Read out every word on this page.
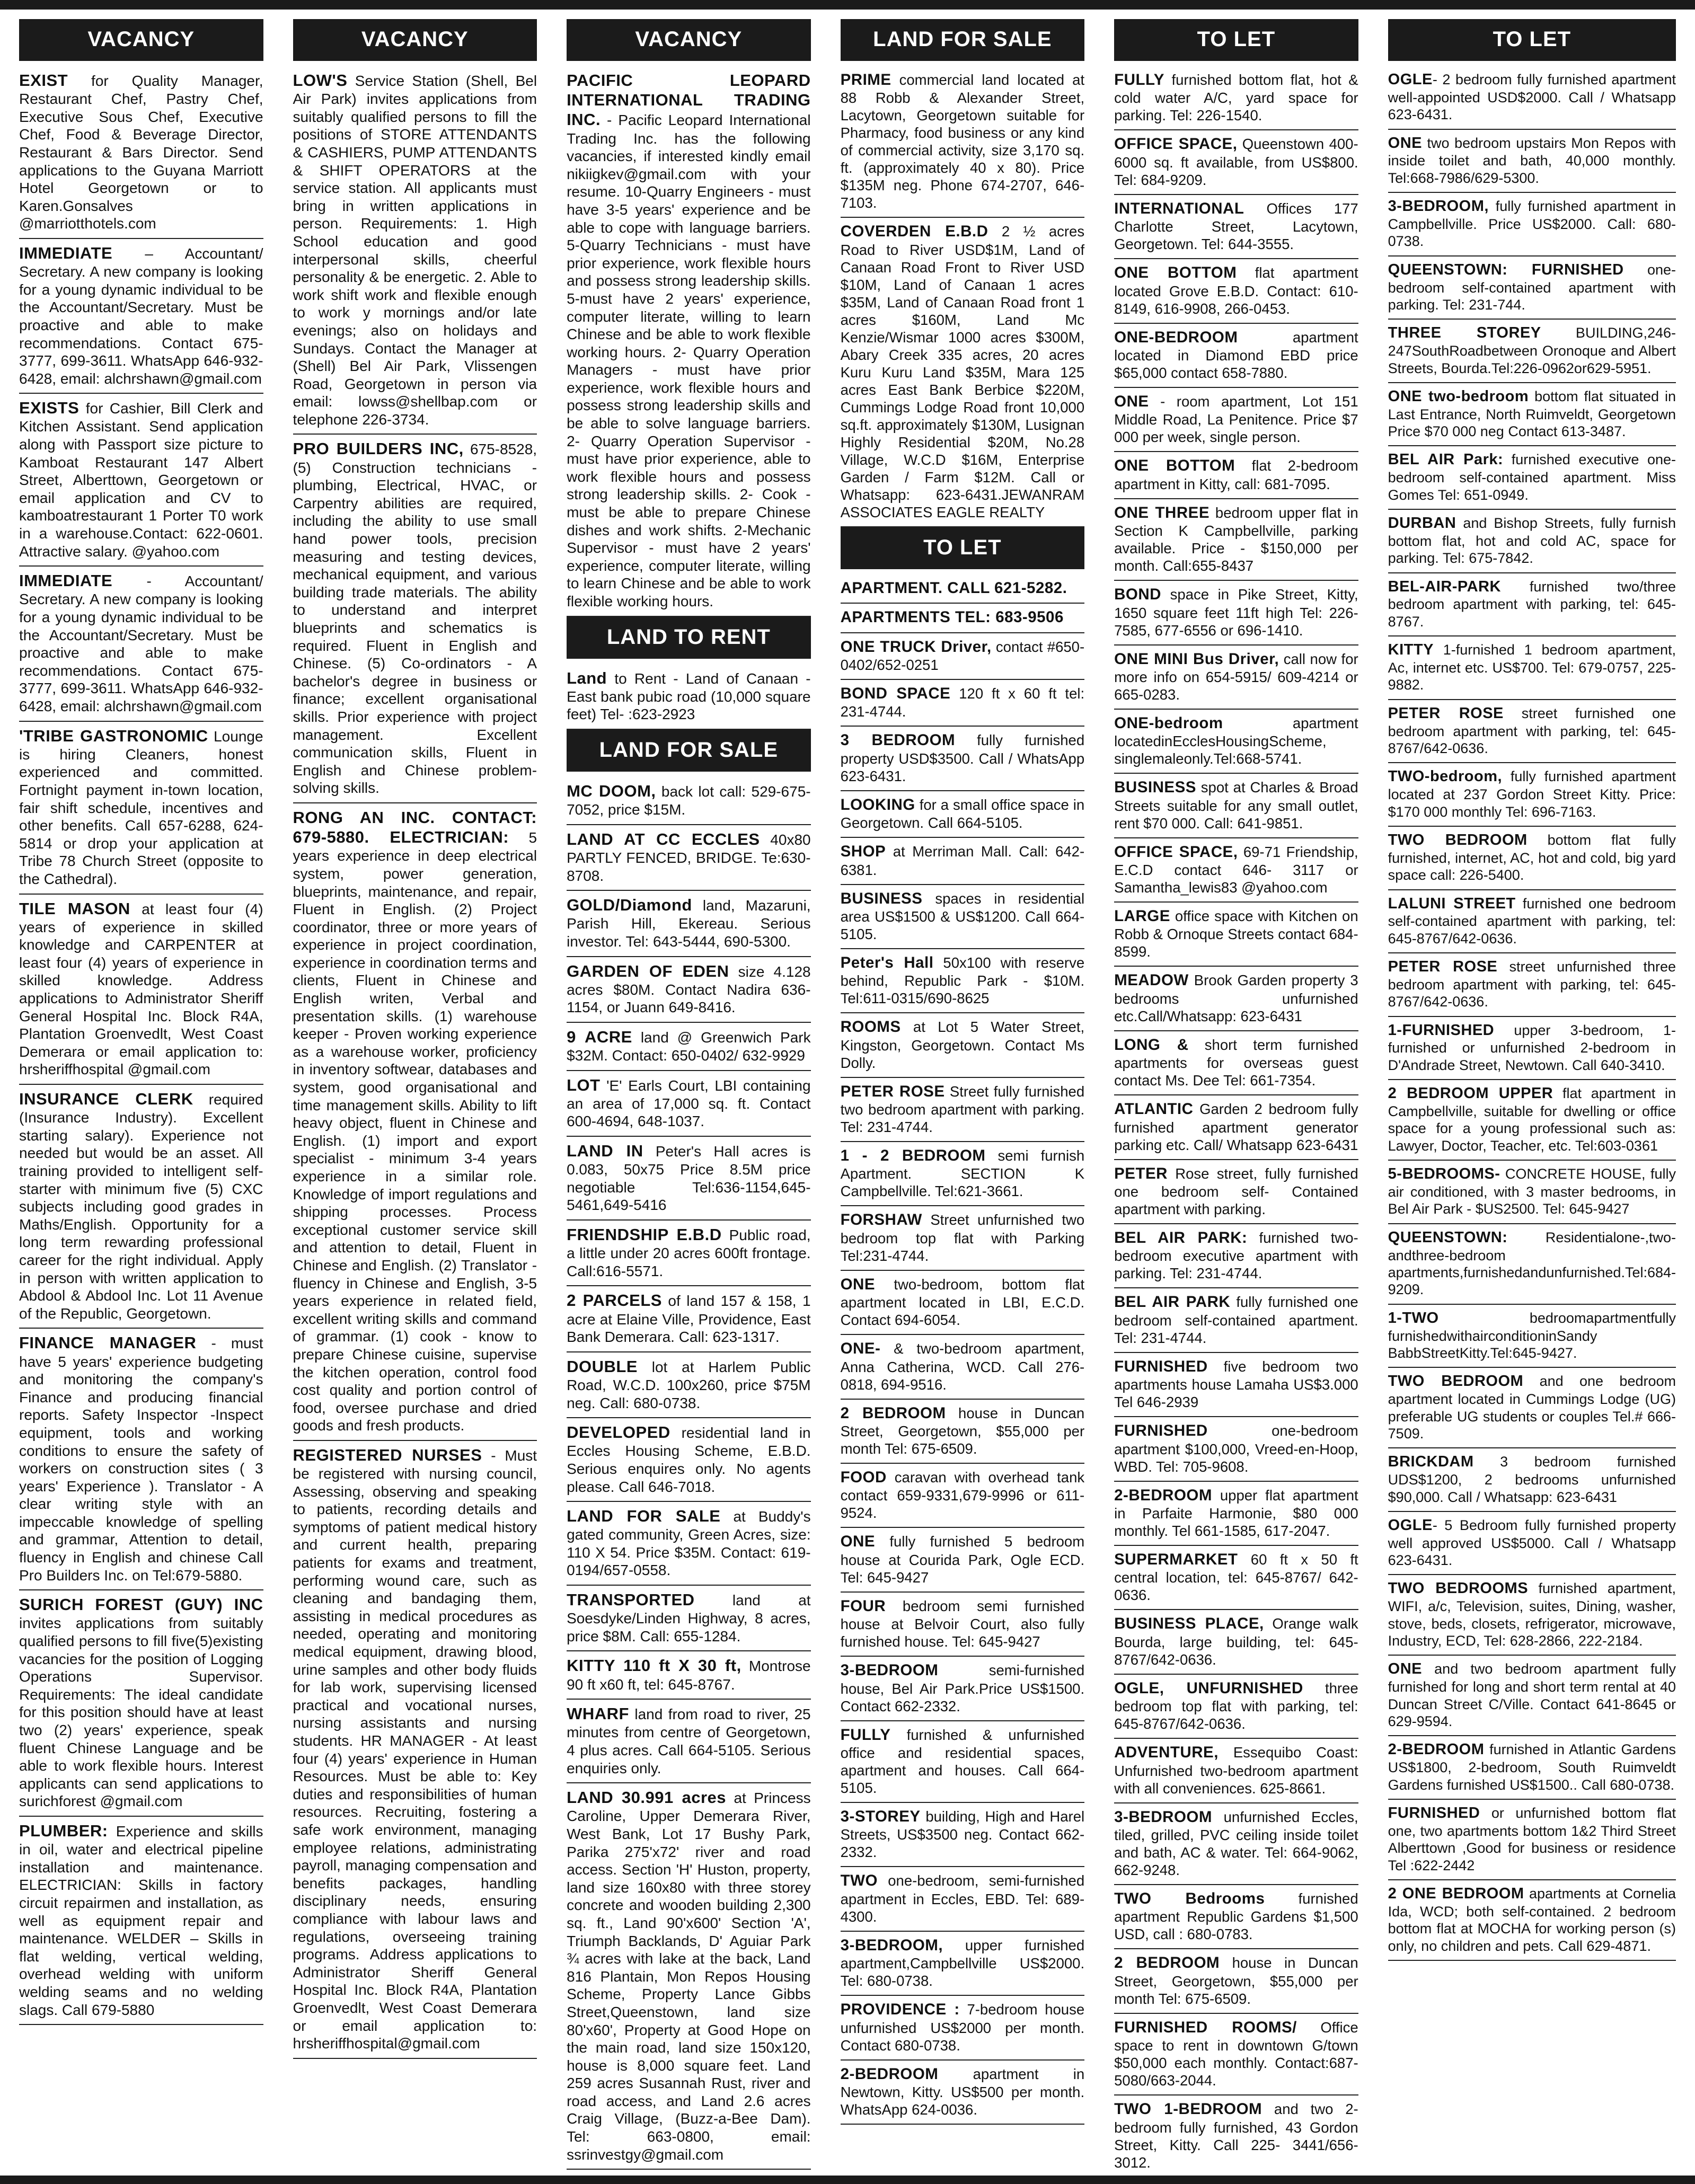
VACANCY
EXIST for Quality Manager, Restaurant Chef, Pastry Chef, Executive Sous Chef, Executive Chef, Food & Beverage Director, Restaurant & Bars Director. Send applications to the Guyana Marriott Hotel Georgetown or to Karen.Gonsalves @marriotthotels.com
IMMEDIATE – Accountant/ Secretary. A new company is looking for a young dynamic individual to be the Accountant/Secretary. Must be proactive and able to make recommendations. Contact 675-3777, 699-3611. WhatsApp 646-932-6428, email: alchrshawn@gmail.com
EXISTS for Cashier, Bill Clerk and Kitchen Assistant. Send application along with Passport size picture to Kamboat Restaurant 147 Albert Street, Alberttown, Georgetown or email application and CV to kamboatrestaurant 1 Porter T0 work in a warehouse.Contact: 622-0601. Attractive salary. @yahoo.com
IMMEDIATE - Accountant/ Secretary. A new company is looking for a young dynamic individual to be the Accountant/Secretary. Must be proactive and able to make recommendations. Contact 675-3777, 699-3611. WhatsApp 646-932-6428, email: alchrshawn@gmail.com
'TRIBE GASTRONOMIC Lounge is hiring Cleaners, honest experienced and committed. Fortnight payment in-town location, fair shift schedule, incentives and other benefits. Call 657-6288, 624-5814 or drop your application at Tribe 78 Church Street (opposite to the Cathedral).
TILE MASON at least four (4) years of experience in skilled knowledge and CARPENTER at least four (4) years of experience in skilled knowledge. Address applications to Administrator Sheriff General Hospital Inc. Block R4A, Plantation Groenvedlt, West Coast Demerara or email application to: hrsheriffhospital @gmail.com
INSURANCE CLERK required (Insurance Industry). Excellent starting salary). Experience not needed but would be an asset. All training provided to intelligent self-starter with minimum five (5) CXC subjects including good grades in Maths/English. Opportunity for a long term rewarding professional career for the right individual. Apply in person with written application to Abdool & Abdool Inc. Lot 11 Avenue of the Republic, Georgetown.
FINANCE MANAGER - must have 5 years' experience budgeting and monitoring the company's Finance and producing financial reports. Safety Inspector -Inspect equipment, tools and working conditions to ensure the safety of workers on construction sites ( 3 years' Experience ). Translator - A clear writing style with an impeccable knowledge of spelling and grammar, Attention to detail, fluency in English and chinese Call Pro Builders Inc. on Tel:679-5880.
SURICH FOREST (GUY) INC invites applications from suitably qualified persons to fill five(5)existing vacancies for the position of Logging Operations Supervisor. Requirements: The ideal candidate for this position should have at least two (2) years' experience, speak fluent Chinese Language and be able to work flexible hours. Interest applicants can send applications to surichforest @gmail.com
PLUMBER: Experience and skills in oil, water and electrical pipeline installation and maintenance. ELECTRICIAN: Skills in factory circuit repairmen and installation, as well as equipment repair and maintenance. WELDER – Skills in flat welding, vertical welding, overhead welding with uniform welding seams and no welding slags. Call 679-5880
VACANCY
LOW'S Service Station (Shell, Bel Air Park) invites applications from suitably qualified persons to fill the positions of STORE ATTENDANTS & CASHIERS, PUMP ATTENDANTS & SHIFT OPERATORS at the service station. All applicants must bring in written applications in person. Requirements: 1. High School education and good interpersonal skills, cheerful personality & be energetic. 2. Able to work shift work and flexible enough to work y mornings and/or late evenings; also on holidays and Sundays. Contact the Manager at (Shell) Bel Air Park, Vlissengen Road, Georgetown in person via email: lowss@shellbap.com or telephone 226-3734.
PRO BUILDERS INC, 675-8528, (5) Construction technicians - plumbing, Electrical, HVAC, or Carpentry abilities are required, including the ability to use small hand power tools, precision measuring and testing devices, mechanical equipment, and various building trade materials. The ability to understand and interpret blueprints and schematics is required. Fluent in English and Chinese. (5) Co-ordinators - A bachelor's degree in business or finance; excellent organisational skills. Prior experience with project management. Excellent communication skills, Fluent in English and Chinese problem-solving skills.
RONG AN INC. CONTACT: 679-5880. ELECTRICIAN: 5 years experience in deep electrical system, power generation, blueprints, maintenance, and repair, Fluent in English. (2) Project coordinator, three or more years of experience in project coordination, experience in coordination terms and clients, Fluent in Chinese and English writen, Verbal and presentation skills. (1) warehouse keeper - Proven working experience as a warehouse worker, proficiency in inventory softwear, databases and system, good organisational and time management skills. Ability to lift heavy object, fluent in Chinese and English. (1) import and export specialist - minimum 3-4 years experience in a similar role. Knowledge of import regulations and shipping processes. Process exceptional customer service skill and attention to detail, Fluent in Chinese and English. (2) Translator - fluency in Chinese and English, 3-5 years experience in related field, excellent writing skills and command of grammar. (1) cook - know to prepare Chinese cuisine, supervise the kitchen operation, control food cost quality and portion control of food, oversee purchase and dried goods and fresh products.
REGISTERED NURSES - Must be registered with nursing council, Assessing, observing and speaking to patients, recording details and symptoms of patient medical history and current health, preparing patients for exams and treatment, performing wound care, such as cleaning and bandaging them, assisting in medical procedures as needed, operating and monitoring medical equipment, drawing blood, urine samples and other body fluids for lab work, supervising licensed practical and vocational nurses, nursing assistants and nursing students. HR MANAGER - At least four (4) years' experience in Human Resources. Must be able to: Key duties and responsibilities of human resources. Recruiting, fostering a safe work environment, managing employee relations, administrating payroll, managing compensation and benefits packages, handling disciplinary needs, ensuring compliance with labour laws and regulations, overseeing training programs. Address applications to Administrator Sheriff General Hospital Inc. Block R4A, Plantation Groenvedlt, West Coast Demerara or email application to: hrsheriffhospital@gmail.com
VACANCY
PACIFIC LEOPARD INTERNATIONAL TRADING INC. - Pacific Leopard International Trading Inc. has the following vacancies, if interested kindly email nikiigkev@gmail.com with your resume. 10-Quarry Engineers - must have 3-5 years' experience and be able to cope with language barriers. 5-Quarry Technicians - must have prior experience, work flexible hours and possess strong leadership skills. 5-must have 2 years' experience, computer literate, willing to learn Chinese and be able to work flexible working hours. 2- Quarry Operation Managers - must have prior experience, work flexible hours and possess strong leadership skills and be able to solve language barriers. 2- Quarry Operation Supervisor - must have prior experience, able to work flexible hours and possess strong leadership skills. 2- Cook - must be able to prepare Chinese dishes and work shifts. 2-Mechanic Supervisor - must have 2 years' experience, computer literate, willing to learn Chinese and be able to work flexible working hours.
LAND TO RENT
Land to Rent - Land of Canaan - East bank pubic road (10,000 square feet) Tel- :623-2923
LAND FOR SALE
MC DOOM, back lot call: 529-675-7052, price $15M.
LAND AT CC ECCLES 40x80 PARTLY FENCED, BRIDGE. Te:630-8708.
GOLD/Diamond land, Mazaruni, Parish Hill, Ekereau. Serious investor. Tel: 643-5444, 690-5300.
GARDEN OF EDEN size 4.128 acres $80M. Contact Nadira 636-1154, or Juann 649-8416.
9 ACRE land @ Greenwich Park $32M. Contact: 650-0402/ 632-9929
LOT 'E' Earls Court, LBI containing an area of 17,000 sq. ft. Contact 600-4694, 648-1037.
LAND IN Peter's Hall acres is 0.083, 50x75 Price 8.5M price negotiable Tel:636-1154,645-5461,649-5416
FRIENDSHIP E.B.D Public road, a little under 20 acres 600ft frontage. Call:616-5571.
2 PARCELS of land 157 & 158, 1 acre at Elaine Ville, Providence, East Bank Demerara. Call: 623-1317.
DOUBLE lot at Harlem Public Road, W.C.D. 100x260, price $75M neg. Call: 680-0738.
DEVELOPED residential land in Eccles Housing Scheme, E.B.D. Serious enquires only. No agents please. Call 646-7018.
LAND FOR SALE at Buddy's gated community, Green Acres, size: 110 X 54. Price $35M. Contact: 619-0194/657-0558.
TRANSPORTED land at Soesdyke/Linden Highway, 8 acres, price $8M. Call: 655-1284.
KITTY 110 ft X 30 ft, Montrose 90 ft x60 ft, tel: 645-8767.
WHARF land from road to river, 25 minutes from centre of Georgetown, 4 plus acres. Call 664-5105. Serious enquiries only.
LAND 30.991 acres at Princess Caroline, Upper Demerara River, West Bank, Lot 17 Bushy Park, Parika 275'x72' river and road access. Section 'H' Huston, property, land size 160x80 with three storey concrete and wooden building 2,300 sq. ft., Land 90'x600' Section 'A', Triumph Backlands, D' Aguiar Park ¾ acres with lake at the back, Land 816 Plantain, Mon Repos Housing Scheme, Property Lance Gibbs Street,Queenstown, land size 80'x60', Property at Good Hope on the main road, land size 150x120, house is 8,000 square feet. Land 259 acres Susannah Rust, river and road access, and Land 2.6 acres Craig Village, (Buzz-a-Bee Dam). Tel: 663-0800, email: ssrinvestgy@gmail.com
LAND FOR SALE
PRIME commercial land located at 88 Robb & Alexander Street, Lacytown, Georgetown suitable for Pharmacy, food business or any kind of commercial activity, size 3,170 sq. ft. (approximately 40 x 80). Price $135M neg. Phone 674-2707, 646-7103.
COVERDEN E.B.D 2 ½ acres Road to River USD$1M, Land of Canaan Road Front to River USD $10M, Land of Canaan 1 acres $35M, Land of Canaan Road front 1 acres $160M, Land Mc Kenzie/Wismar 1000 acres $300M, Abary Creek 335 acres, 20 acres Kuru Kuru Land $35M, Mara 125 acres East Bank Berbice $220M, Cummings Lodge Road front 10,000 sq.ft. approximately $130M, Lusignan Highly Residential $20M, No.28 Village, W.C.D $16M, Enterprise Garden / Farm $12M. Call or Whatsapp: 623-6431.JEWANRAM ASSOCIATES EAGLE REALTY
TO LET
APARTMENT. CALL 621-5282.
APARTMENTS TEL: 683-9506
ONE TRUCK Driver, contact #650-0402/652-0251
BOND SPACE 120 ft x 60 ft tel: 231-4744.
3 BEDROOM fully furnished property USD$3500. Call / WhatsApp 623-6431.
LOOKING for a small office space in Georgetown. Call 664-5105.
SHOP at Merriman Mall. Call: 642-6381.
BUSINESS spaces in residential area US$1500 & US$1200. Call 664-5105.
Peter's Hall 50x100 with reserve behind, Republic Park - $10M. Tel:611-0315/690-8625
ROOMS at Lot 5 Water Street, Kingston, Georgetown. Contact Ms Dolly.
PETER ROSE Street fully furnished two bedroom apartment with parking. Tel: 231-4744.
1 - 2 BEDROOM semi furnish Apartment. SECTION K Campbellville. Tel:621-3661.
FORSHAW Street unfurnished two bedroom top flat with Parking Tel:231-4744.
ONE two-bedroom, bottom flat apartment located in LBI, E.C.D. Contact 694-6054.
ONE- & two-bedroom apartment, Anna Catherina, WCD. Call 276-0818, 694-9516.
2 BEDROOM house in Duncan Street, Georgetown, $55,000 per month Tel: 675-6509.
FOOD caravan with overhead tank contact 659-9331,679-9996 or 611-9524.
ONE fully furnished 5 bedroom house at Courida Park, Ogle ECD. Tel: 645-9427
FOUR bedroom semi furnished house at Belvoir Court, also fully furnished house. Tel: 645-9427
3-BEDROOM semi-furnished house, Bel Air Park.Price US$1500. Contact 662-2332.
FULLY furnished & unfurnished office and residential spaces, apartment and houses. Call 664-5105.
3-STOREY building, High and Harel Streets, US$3500 neg. Contact 662-2332.
TWO one-bedroom, semi-furnished apartment in Eccles, EBD. Tel: 689-4300.
3-BEDROOM, upper furnished apartment,Campbellville US$2000. Tel: 680-0738.
PROVIDENCE : 7-bedroom house unfurnished US$2000 per month. Contact 680-0738.
2-BEDROOM apartment in Newtown, Kitty. US$500 per month. WhatsApp 624-0036.
TO LET
FULLY furnished bottom flat, hot & cold water A/C, yard space for parking. Tel: 226-1540.
OFFICE SPACE, Queenstown 400-6000 sq. ft available, from US$800. Tel: 684-9209.
INTERNATIONAL Offices 177 Charlotte Street, Lacytown, Georgetown. Tel: 644-3555.
ONE BOTTOM flat apartment located Grove E.B.D. Contact: 610-8149, 616-9908, 266-0453.
ONE-BEDROOM apartment located in Diamond EBD price $65,000 contact 658-7880.
ONE - room apartment, Lot 151 Middle Road, La Penitence. Price $7 000 per week, single person.
ONE BOTTOM flat 2-bedroom apartment in Kitty, call: 681-7095.
ONE THREE bedroom upper flat in Section K Campbellville, parking available. Price - $150,000 per month. Call:655-8437
BOND space in Pike Street, Kitty, 1650 square feet 11ft high Tel: 226-7585, 677-6556 or 696-1410.
ONE MINI Bus Driver, call now for more info on 654-5915/ 609-4214 or 665-0283.
ONE-bedroom apartment locatedinEcclesHousingScheme, singlemaleonly.Tel:668-5741.
BUSINESS spot at Charles & Broad Streets suitable for any small outlet, rent $70 000. Call: 641-9851.
OFFICE SPACE, 69-71 Friendship, E.C.D contact 646- 3117 or Samantha_lewis83 @yahoo.com
LARGE office space with Kitchen on Robb & Ornoque Streets contact 684-8599.
MEADOW Brook Garden property 3 bedrooms unfurnished etc.Call/Whatsapp: 623-6431
LONG & short term furnished apartments for overseas guest contact Ms. Dee Tel: 661-7354.
ATLANTIC Garden 2 bedroom fully furnished apartment generator parking etc. Call/ Whatsapp 623-6431
PETER Rose street, fully furnished one bedroom self- Contained apartment with parking.
BEL AIR PARK: furnished two-bedroom executive apartment with parking. Tel: 231-4744.
BEL AIR PARK fully furnished one bedroom self-contained apartment. Tel: 231-4744.
FURNISHED five bedroom two apartments house Lamaha US$3.000 Tel 646-2939
FURNISHED one-bedroom apartment $100,000, Vreed-en-Hoop, WBD. Tel: 705-9608.
2-BEDROOM upper flat apartment in Parfaite Harmonie, $80 000 monthly. Tel 661-1585, 617-2047.
SUPERMARKET 60 ft x 50 ft central location, tel: 645-8767/ 642-0636.
BUSINESS PLACE, Orange walk Bourda, large building, tel: 645-8767/642-0636.
OGLE, UNFURNISHED three bedroom top flat with parking, tel: 645-8767/642-0636.
ADVENTURE, Essequibo Coast: Unfurnished two-bedroom apartment with all conveniences. 625-8661.
3-BEDROOM unfurnished Eccles, tiled, grilled, PVC ceiling inside toilet and bath, AC & water. Tel: 664-9062, 662-9248.
TWO Bedrooms furnished apartment Republic Gardens $1,500 USD, call : 680-0783.
2 BEDROOM house in Duncan Street, Georgetown, $55,000 per month Tel: 675-6509.
FURNISHED ROOMS/ Office space to rent in downtown G/town $50,000 each monthly. Contact:687-5080/663-2044.
TWO 1-BEDROOM and two 2-bedroom fully furnished, 43 Gordon Street, Kitty. Call 225- 3441/656-3012.
TO LET
OGLE- 2 bedroom fully furnished apartment well-appointed USD$2000. Call / Whatsapp 623-6431.
ONE two bedroom upstairs Mon Repos with inside toilet and bath, 40,000 monthly. Tel:668-7986/629-5300.
3-BEDROOM, fully furnished apartment in Campbellville. Price US$2000. Call: 680-0738.
QUEENSTOWN: FURNISHED one-bedroom self-contained apartment with parking. Tel: 231-744.
THREE STOREY BUILDING,246-247SouthRoadbetween Oronoque and Albert Streets, Bourda.Tel:226-0962or629-5951.
ONE two-bedroom bottom flat situated in Last Entrance, North Ruimveldt, Georgetown Price $70 000 neg Contact 613-3487.
BEL AIR Park: furnished executive one-bedroom self-contained apartment. Miss Gomes Tel: 651-0949.
DURBAN and Bishop Streets, fully furnish bottom flat, hot and cold AC, space for parking. Tel: 675-7842.
BEL-AIR-PARK furnished two/three bedroom apartment with parking, tel: 645-8767.
KITTY 1-furnished 1 bedroom apartment, Ac, internet etc. US$700. Tel: 679-0757, 225-9882.
PETER ROSE street furnished one bedroom apartment with parking, tel: 645-8767/642-0636.
TWO-bedroom, fully furnished apartment located at 237 Gordon Street Kitty. Price: $170 000 monthly Tel: 696-7163.
TWO BEDROOM bottom flat fully furnished, internet, AC, hot and cold, big yard space call: 226-5400.
LALUNI STREET furnished one bedroom self-contained apartment with parking, tel: 645-8767/642-0636.
PETER ROSE street unfurnished three bedroom apartment with parking, tel: 645-8767/642-0636.
1-FURNISHED upper 3-bedroom, 1-furnished or unfurnished 2-bedroom in D'Andrade Street, Newtown. Call 640-3410.
2 BEDROOM UPPER flat apartment in Campbellville, suitable for dwelling or office space for a young professional such as: Lawyer, Doctor, Teacher, etc. Tel:603-0361
5-BEDROOMS- CONCRETE HOUSE, fully air conditioned, with 3 master bedrooms, in Bel Air Park - $US2500. Tel: 645-9427
QUEENSTOWN: Residentialone-,two-andthree-bedroom apartments,furnishedandunfurnished.Tel:684-9209.
1-TWO bedroomapartmentfully furnishedwithairconditioninSandy BabbStreetKitty.Tel:645-9427.
TWO BEDROOM and one bedroom apartment located in Cummings Lodge (UG) preferable UG students or couples Tel.# 666-7509.
BRICKDAM 3 bedroom furnished UDS$1200, 2 bedrooms unfurnished $90,000. Call / Whatsapp: 623-6431
OGLE- 5 Bedroom fully furnished property well approved US$5000. Call / Whatsapp 623-6431.
TWO BEDROOMS furnished apartment, WIFI, a/c, Television, suites, Dining, washer, stove, beds, closets, refrigerator, microwave, Industry, ECD, Tel: 628-2866, 222-2184.
ONE and two bedroom apartment fully furnished for long and short term rental at 40 Duncan Street C/Ville. Contact 641-8645 or 629-9594.
2-BEDROOM furnished in Atlantic Gardens US$1800, 2-bedroom, South Ruimveldt Gardens furnished US$1500.. Call 680-0738.
FURNISHED or unfurnished bottom flat one, two apartments bottom 1&2 Third Street Alberttown ,Good for business or residence Tel :622-2442
2 ONE BEDROOM apartments at Cornelia Ida, WCD; both self-contained. 2 bedroom bottom flat at MOCHA for working person (s) only, no children and pets. Call 629-4871.
